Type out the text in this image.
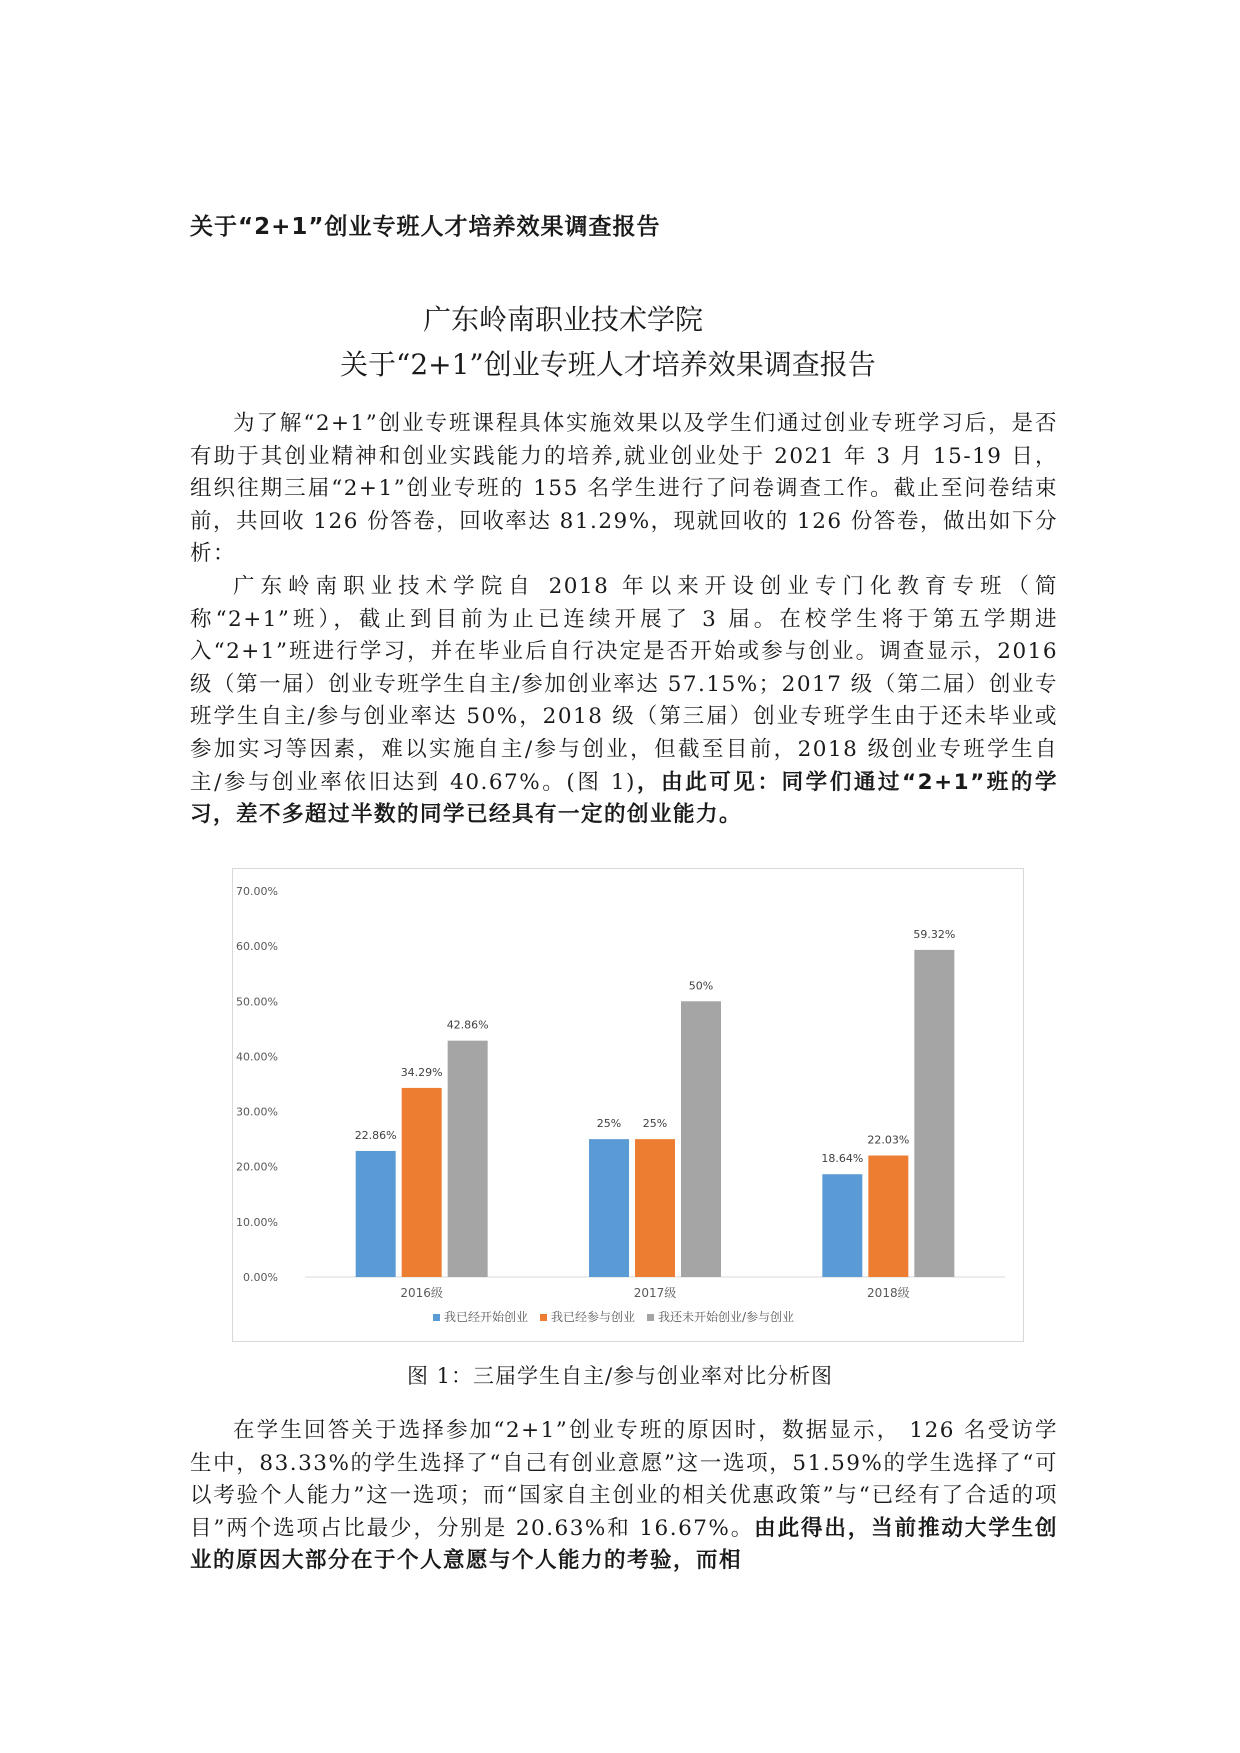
关于“2+1”创业专班人才培养效果调查报告
广东岭南职业技术学院
关于“2+1”创业专班人才培养效果调查报告

为了解“2+1”创业专班课程具体实施效果以及学生们通过创业专班学习后，是否有助于其创业精神和创业实践能力的培养,就业创业处于 2021 年 3 月 15-19 日，组织往期三届“2+1”创业专班的 155 名学生进行了问卷调查工作。截止至问卷结束前，共回收 126 份答卷，回收率达 81.29%，现就回收的 126 份答卷，做出如下分析：

广东岭南职业技术学院自 2018 年以来开设创业专门化教育专班（简称“2+1”班），截止到目前为止已连续开展了 3 届。在校学生将于第五学期进入“2+1”班进行学习，并在毕业后自行决定是否开始或参与创业。调查显示，2016 级（第一届）创业专班学生自主/参加创业率达 57.15%；2017 级（第二届）创业专班学生自主/参与创业率达 50%，2018 级（第三届）创业专班学生由于还未毕业或参加实习等因素，难以实施自主/参与创业，但截至目前，2018 级创业专班学生自主/参与创业率依旧达到 40.67%。(图 1)，由此可见：同学们通过“2+1”班的学习，差不多超过半数的同学已经具有一定的创业能力。

0.00%
10.00%
20.00%
30.00%
40.00%
50.00%
60.00%
70.00%
22.86%
34.29%
42.86%
2016级
25% 25%
50%
2017级
18.64%
22.03%
59.32%
2018级
我已经开始创业 我已经参与创业 我还未开始创业/参与创业
图 1：三届学生自主/参与创业率对比分析图

在学生回答关于选择参加“2+1”创业专班的原因时，数据显示， 126 名受访学生中，83.33%的学生选择了“自己有创业意愿”这一选项，51.59%的学生选择了“可以考验个人能力”这一选项；而“国家自主创业的相关优惠政策”与“已经有了合适的项目”两个选项占比最少，分别是 20.63%和 16.67%。由此得出，当前推动大学生创业的原因大部分在于个人意愿与个人能力的考验，而相
